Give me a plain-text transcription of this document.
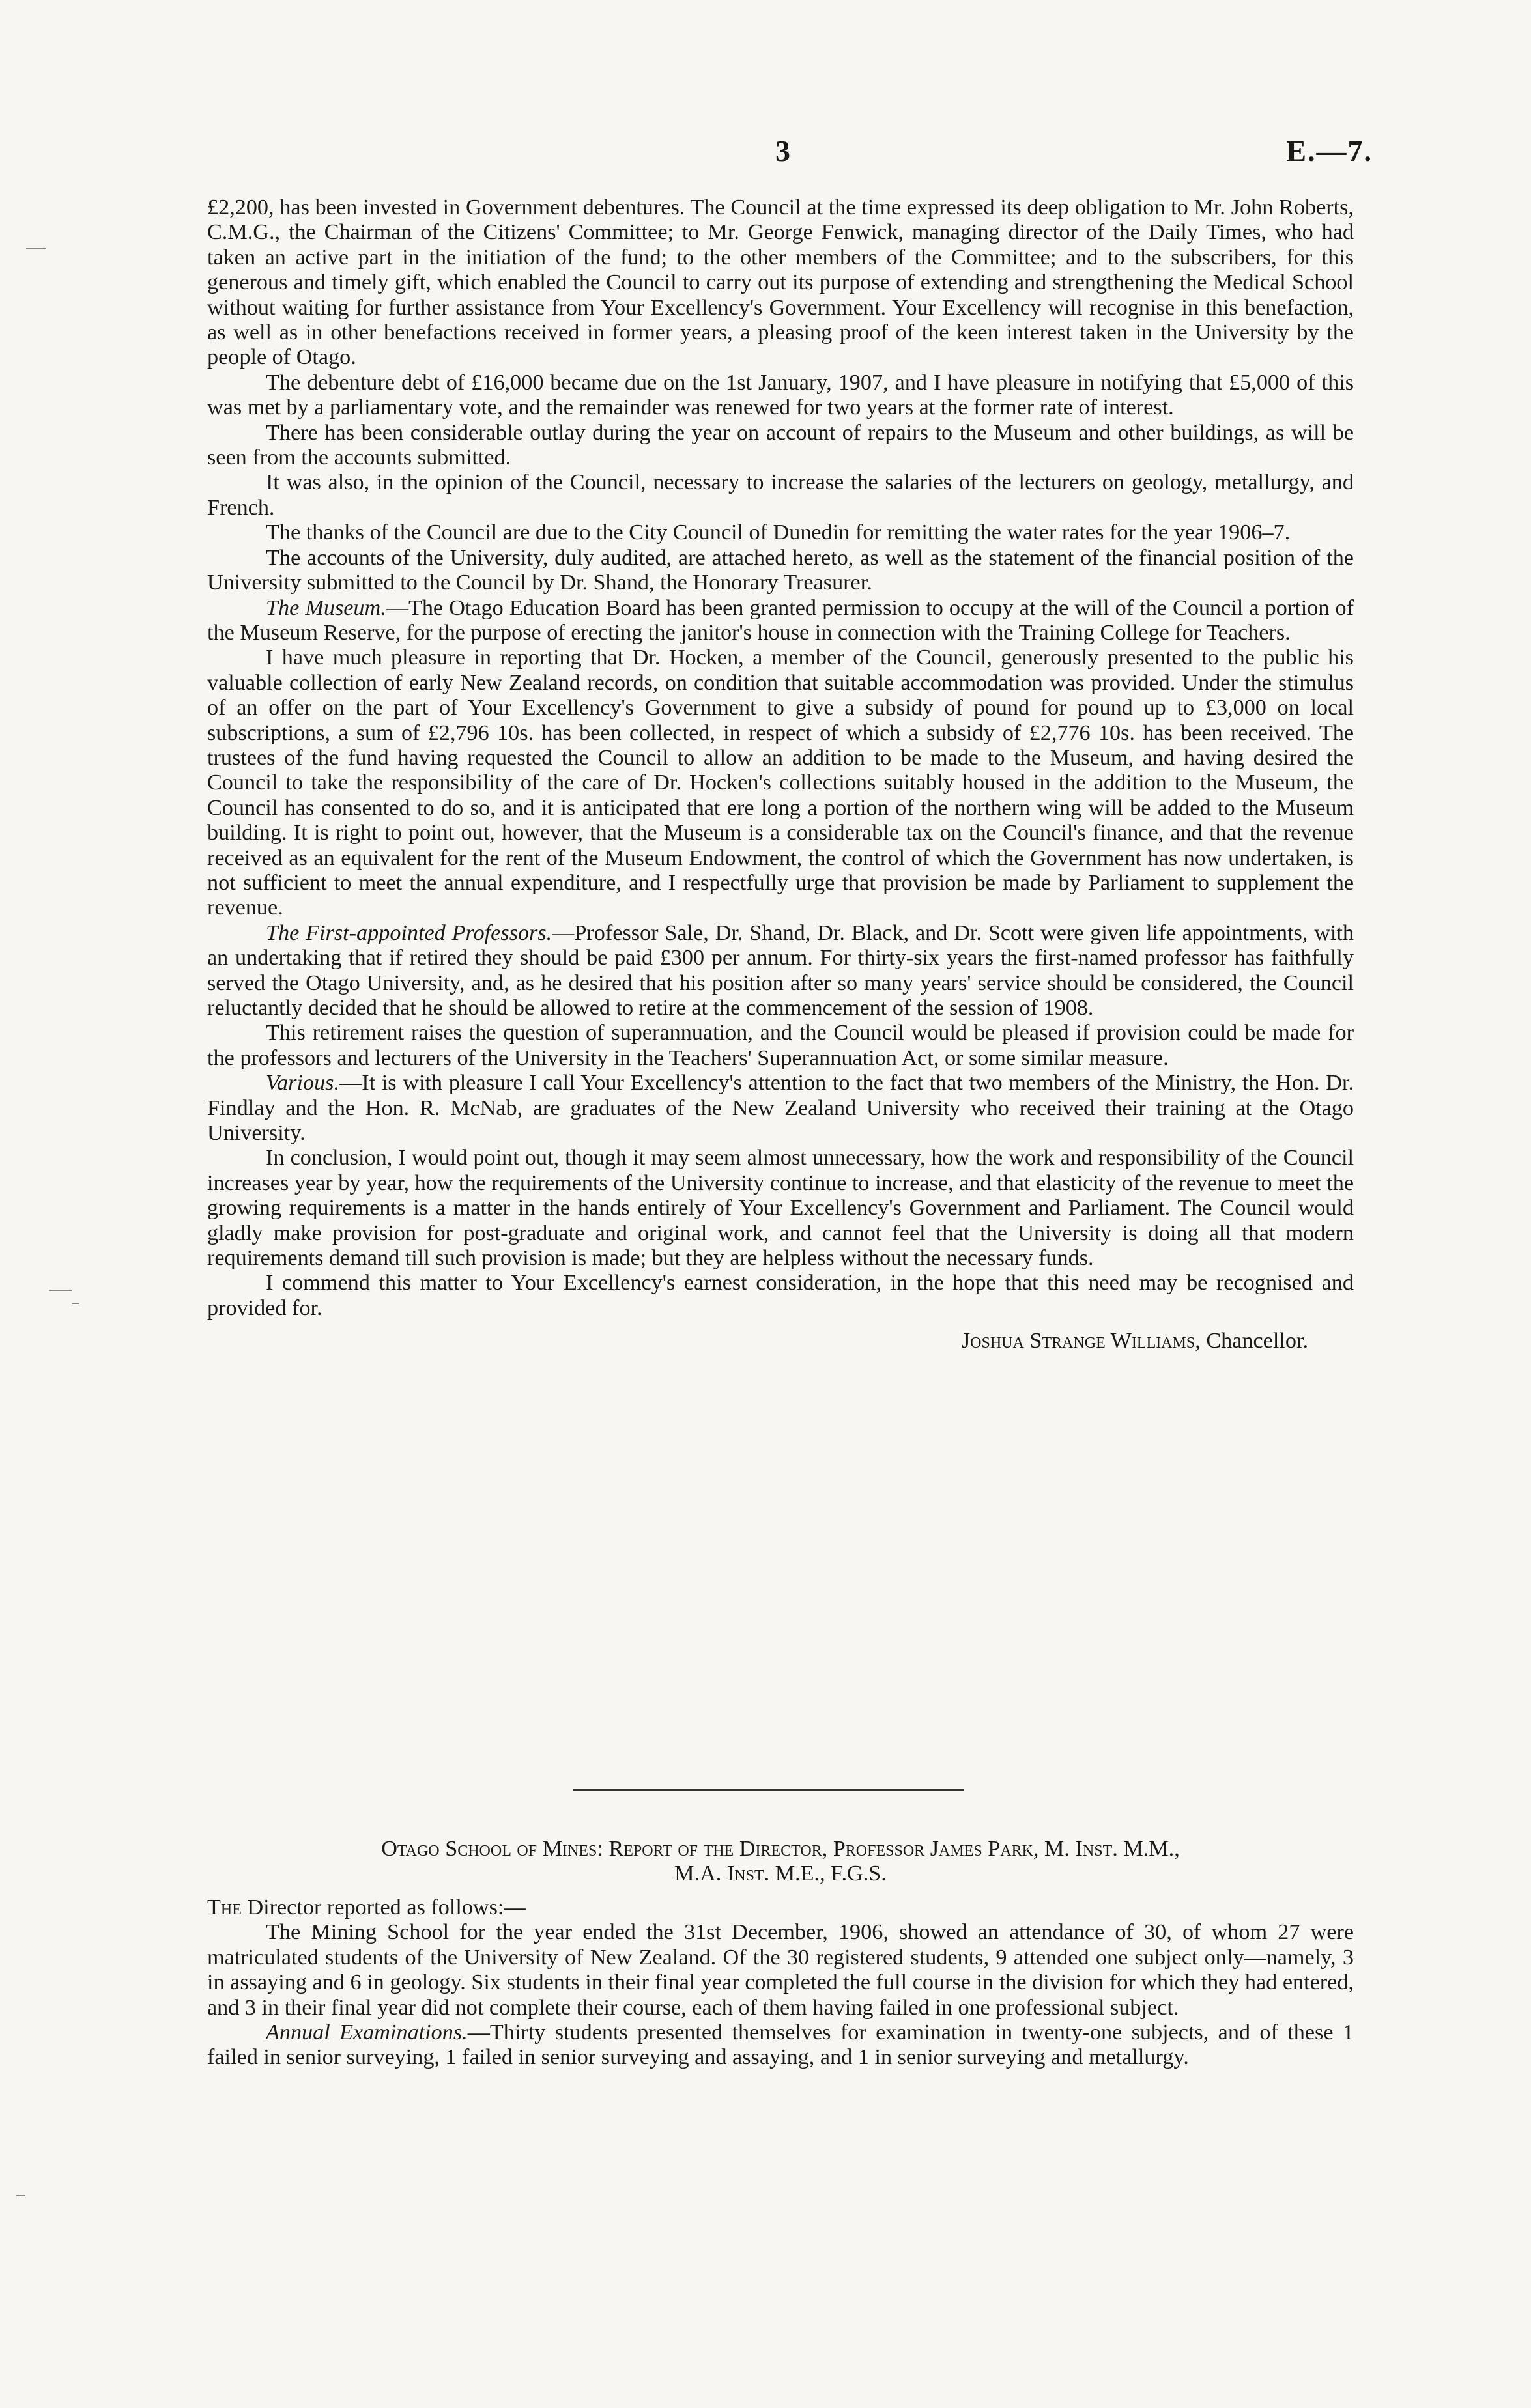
3	E.—7.

£2,200, has been invested in Government debentures. The Council at the time expressed its deep obligation to Mr. John Roberts, C.M.G., the Chairman of the Citizens' Committee; to Mr. George Fenwick, managing director of the Daily Times, who had taken an active part in the initiation of the fund; to the other members of the Committee; and to the subscribers, for this generous and timely gift, which enabled the Council to carry out its purpose of extending and strengthening the Medical School without waiting for further assistance from Your Excellency's Government. Your Excellency will recognise in this benefaction, as well as in other benefactions received in former years, a pleasing proof of the keen interest taken in the University by the people of Otago.

The debenture debt of £16,000 became due on the 1st January, 1907, and I have pleasure in notifying that £5,000 of this was met by a parliamentary vote, and the remainder was renewed for two years at the former rate of interest.

There has been considerable outlay during the year on account of repairs to the Museum and other buildings, as will be seen from the accounts submitted.

It was also, in the opinion of the Council, necessary to increase the salaries of the lecturers on geology, metallurgy, and French.

The thanks of the Council are due to the City Council of Dunedin for remitting the water rates for the year 1906–7.

The accounts of the University, duly audited, are attached hereto, as well as the statement of the financial position of the University submitted to the Council by Dr. Shand, the Honorary Treasurer.

The Museum.—The Otago Education Board has been granted permission to occupy at the will of the Council a portion of the Museum Reserve, for the purpose of erecting the janitor's house in connection with the Training College for Teachers.

I have much pleasure in reporting that Dr. Hocken, a member of the Council, generously presented to the public his valuable collection of early New Zealand records, on condition that suitable accommodation was provided. Under the stimulus of an offer on the part of Your Excellency's Government to give a subsidy of pound for pound up to £3,000 on local subscriptions, a sum of £2,796 10s. has been collected, in respect of which a subsidy of £2,776 10s. has been received. The trustees of the fund having requested the Council to allow an addition to be made to the Museum, and having desired the Council to take the responsibility of the care of Dr. Hocken's collections suitably housed in the addition to the Museum, the Council has consented to do so, and it is anticipated that ere long a portion of the northern wing will be added to the Museum building. It is right to point out, however, that the Museum is a considerable tax on the Council's finance, and that the revenue received as an equivalent for the rent of the Museum Endowment, the control of which the Government has now undertaken, is not sufficient to meet the annual expenditure, and I respectfully urge that provision be made by Parliament to supplement the revenue.

The First-appointed Professors.—Professor Sale, Dr. Shand, Dr. Black, and Dr. Scott were given life appointments, with an undertaking that if retired they should be paid £300 per annum. For thirty-six years the first-named professor has faithfully served the Otago University, and, as he desired that his position after so many years' service should be considered, the Council reluctantly decided that he should be allowed to retire at the commencement of the session of 1908.

This retirement raises the question of superannuation, and the Council would be pleased if provision could be made for the professors and lecturers of the University in the Teachers' Superannuation Act, or some similar measure.

Various.—It is with pleasure I call Your Excellency's attention to the fact that two members of the Ministry, the Hon. Dr. Findlay and the Hon. R. McNab, are graduates of the New Zealand University who received their training at the Otago University.

In conclusion, I would point out, though it may seem almost unnecessary, how the work and responsibility of the Council increases year by year, how the requirements of the University continue to increase, and that elasticity of the revenue to meet the growing requirements is a matter in the hands entirely of Your Excellency's Government and Parliament. The Council would gladly make provision for post-graduate and original work, and cannot feel that the University is doing all that modern requirements demand till such provision is made; but they are helpless without the necessary funds.

I commend this matter to Your Excellency's earnest consideration, in the hope that this need may be recognised and provided for.

Joshua Strange Williams, Chancellor.

Otago School of Mines: Report of the Director, Professor James Park, M. Inst. M.M.,
M.A. Inst. M.E., F.G.S.

The Director reported as follows:—

The Mining School for the year ended the 31st December, 1906, showed an attendance of 30, of whom 27 were matriculated students of the University of New Zealand. Of the 30 registered students, 9 attended one subject only—namely, 3 in assaying and 6 in geology. Six students in their final year completed the full course in the division for which they had entered, and 3 in their final year did not complete their course, each of them having failed in one professional subject.

Annual Examinations.—Thirty students presented themselves for examination in twenty-one subjects, and of these 1 failed in senior surveying, 1 failed in senior surveying and assaying, and 1 in senior surveying and metallurgy.
